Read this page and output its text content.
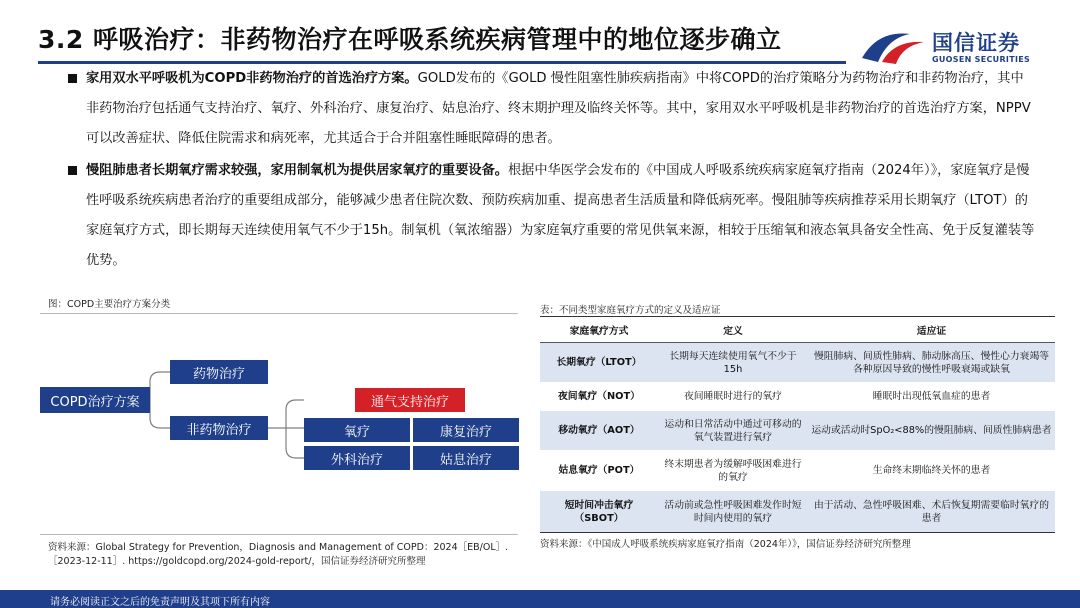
3.2 呼吸治疗：非药物治疗在呼吸系统疾病管理中的地位逐步确立	国信证券
GUOSEN SECURITIES
家用双水平呼吸机为COPD非药物治疗的首选治疗方案。GOLD发布的《GOLD 慢性阻塞性肺疾病指南》中将COPD的治疗策略分为药物治疗和非药物治疗，其中非药物治疗包括通气支持治疗、氧疗、外科治疗、康复治疗、姑息治疗、终末期护理及临终关怀等。其中，家用双水平呼吸机是非药物治疗的首选治疗方案，NPPV可以改善症状、降低住院需求和病死率，尤其适合于合并阻塞性睡眠障碍的患者。
慢阻肺患者长期氧疗需求较强，家用制氧机为提供居家氧疗的重要设备。根据中华医学会发布的《中国成人呼吸系统疾病家庭氧疗指南（2024年）》，家庭氧疗是慢性呼吸系统疾病患者治疗的重要组成部分，能够减少患者住院次数、预防疾病加重、提高患者生活质量和降低病死率。慢阻肺等疾病推荐采用长期氧疗（LTOT）的家庭氧疗方式，即长期每天连续使用氧气不少于15h。制氧机（氧浓缩器）为家庭氧疗重要的常见供氧来源，相较于压缩氧和液态氧具备安全性高、免于反复灌装等优势。
图：COPD主要治疗方案分类
COPD治疗方案
药物治疗
非药物治疗
通气支持治疗
氧疗	康复治疗
外科治疗	姑息治疗
资料来源：Global Strategy for Prevention，Diagnosis and Management of COPD：2024［EB/OL］.［2023-12-11］. https://goldcopd.org/2024-gold-report/，国信证券经济研究所整理
表：不同类型家庭氧疗方式的定义及适应证
家庭氧疗方式	定义	适应证
长期氧疗（LTOT）	长期每天连续使用氧气不少于15h	慢阻肺病、间质性肺病、肺动脉高压、慢性心力衰竭等各种原因导致的慢性呼吸衰竭或缺氧
夜间氧疗（NOT）	夜间睡眠时进行的氧疗	睡眠时出现低氧血症的患者
移动氧疗（AOT）	运动和日常活动中通过可移动的氧气装置进行氧疗	运动或活动时SpO₂<88%的慢阻肺病、间质性肺病患者
姑息氧疗（POT）	终末期患者为缓解呼吸困难进行的氧疗	生命终末期临终关怀的患者
短时间冲击氧疗（SBOT）	活动前或急性呼吸困难发作时短时间内使用的氧疗	由于活动、急性呼吸困难、术后恢复期需要临时氧疗的患者
资料来源：《中国成人呼吸系统疾病家庭氧疗指南（2024年）》，国信证券经济研究所整理
请务必阅读正文之后的免责声明及其项下所有内容
